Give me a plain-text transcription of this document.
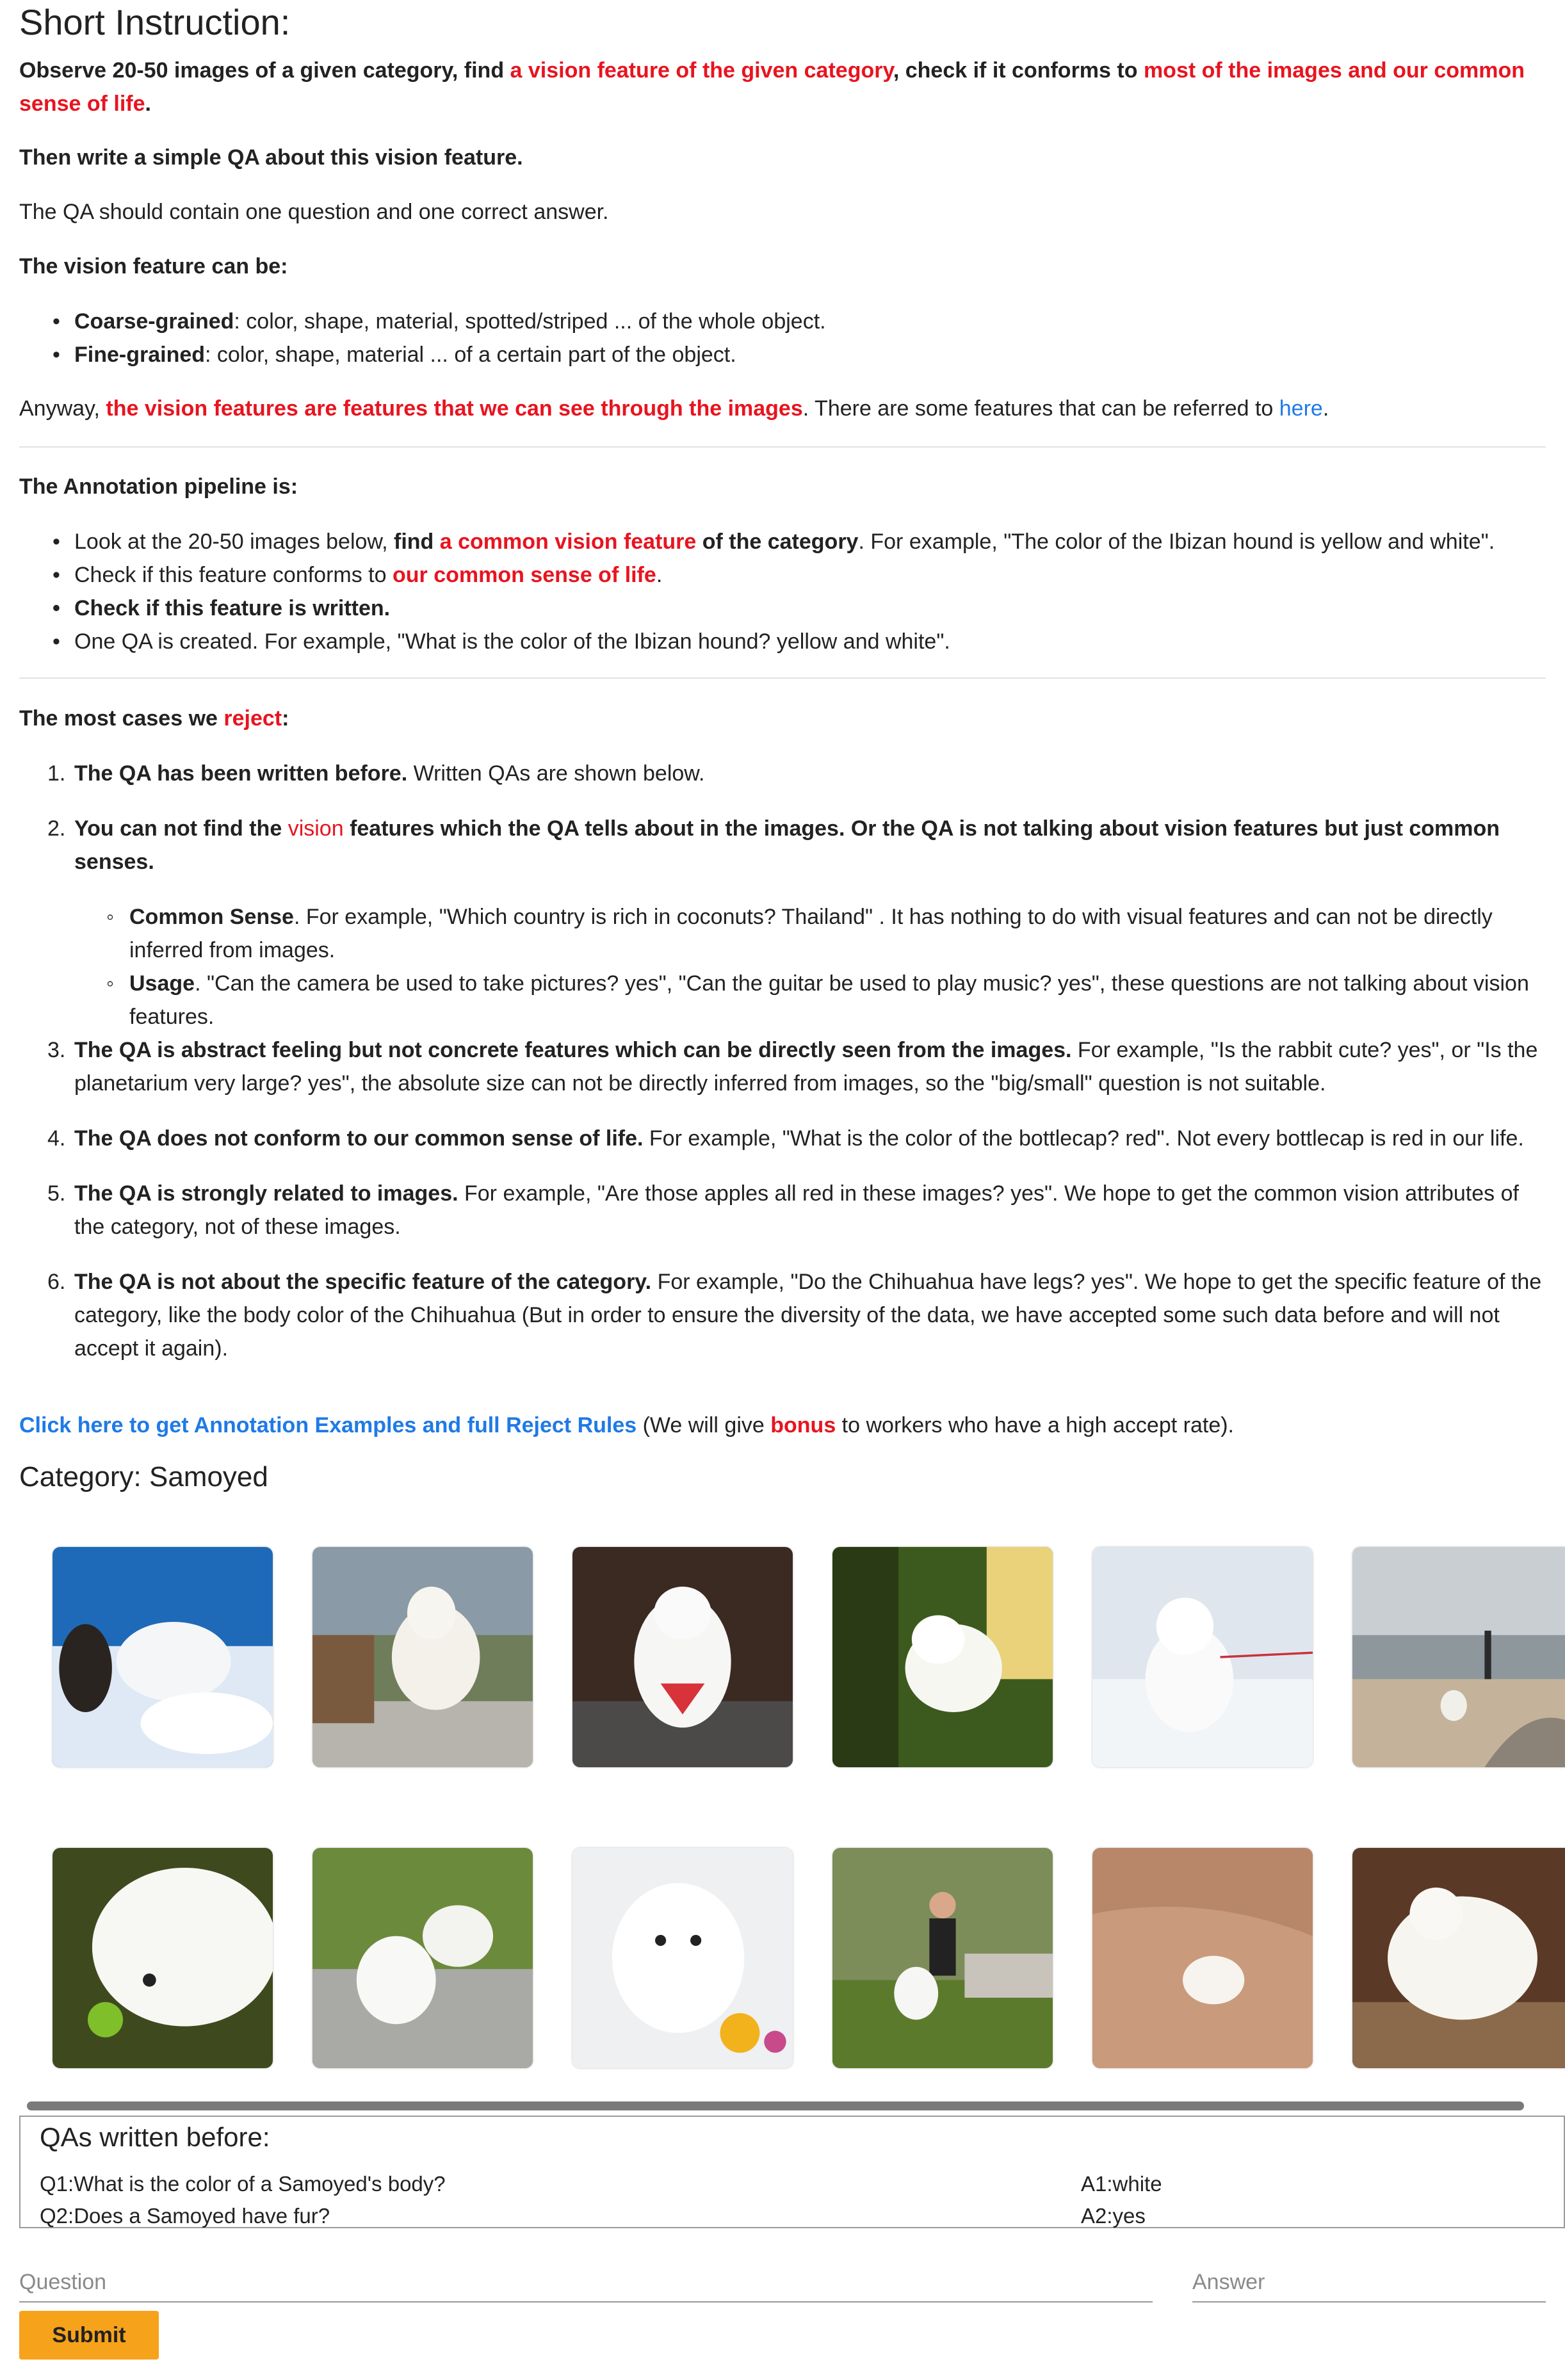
Short Instruction:

Observe 20-50 images of a given category, find a vision feature of the given category, check if it conforms to most of the images and our common sense of life.

Then write a simple QA about this vision feature.

The QA should contain one question and one correct answer.

The vision feature can be:

• Coarse-grained: color, shape, material, spotted/striped ... of the whole object.
• Fine-grained: color, shape, material ... of a certain part of the object.

Anyway, the vision features are features that we can see through the images. There are some features that can be referred to here.

The Annotation pipeline is:

• Look at the 20-50 images below, find a common vision feature of the category. For example, "The color of the Ibizan hound is yellow and white".
• Check if this feature conforms to our common sense of life.
• Check if this feature is written.
• One QA is created. For example, "What is the color of the Ibizan hound? yellow and white".

The most cases we reject:

1. The QA has been written before. Written QAs are shown below.
2. You can not find the vision features which the QA tells about in the images. Or the QA is not talking about vision features but just common senses.
◦ Common Sense. For example, "Which country is rich in coconuts? Thailand" . It has nothing to do with visual features and can not be directly inferred from images.
◦ Usage. "Can the camera be used to take pictures? yes", "Can the guitar be used to play music? yes", these questions are not talking about vision features.
3. The QA is abstract feeling but not concrete features which can be directly seen from the images. For example, "Is the rabbit cute? yes", or "Is the planetarium very large? yes", the absolute size can not be directly inferred from images, so the "big/small" question is not suitable.
4. The QA does not conform to our common sense of life. For example, "What is the color of the bottlecap? red". Not every bottlecap is red in our life.
5. The QA is strongly related to images. For example, "Are those apples all red in these images? yes". We hope to get the common vision attributes of the category, not of these images.
6. The QA is not about the specific feature of the category. For example, "Do the Chihuahua have legs? yes". We hope to get the specific feature of the category, like the body color of the Chihuahua (But in order to ensure the diversity of the data, we have accepted some such data before and will not accept it again).

Click here to get Annotation Examples and full Reject Rules (We will give bonus to workers who have a high accept rate).

Category: Samoyed
QAs written before:
Q1:What is the color of a Samoyed's body?	A1:white
Q2:Does a Samoyed have fur?	A2:yes
Question
Answer
Submit
